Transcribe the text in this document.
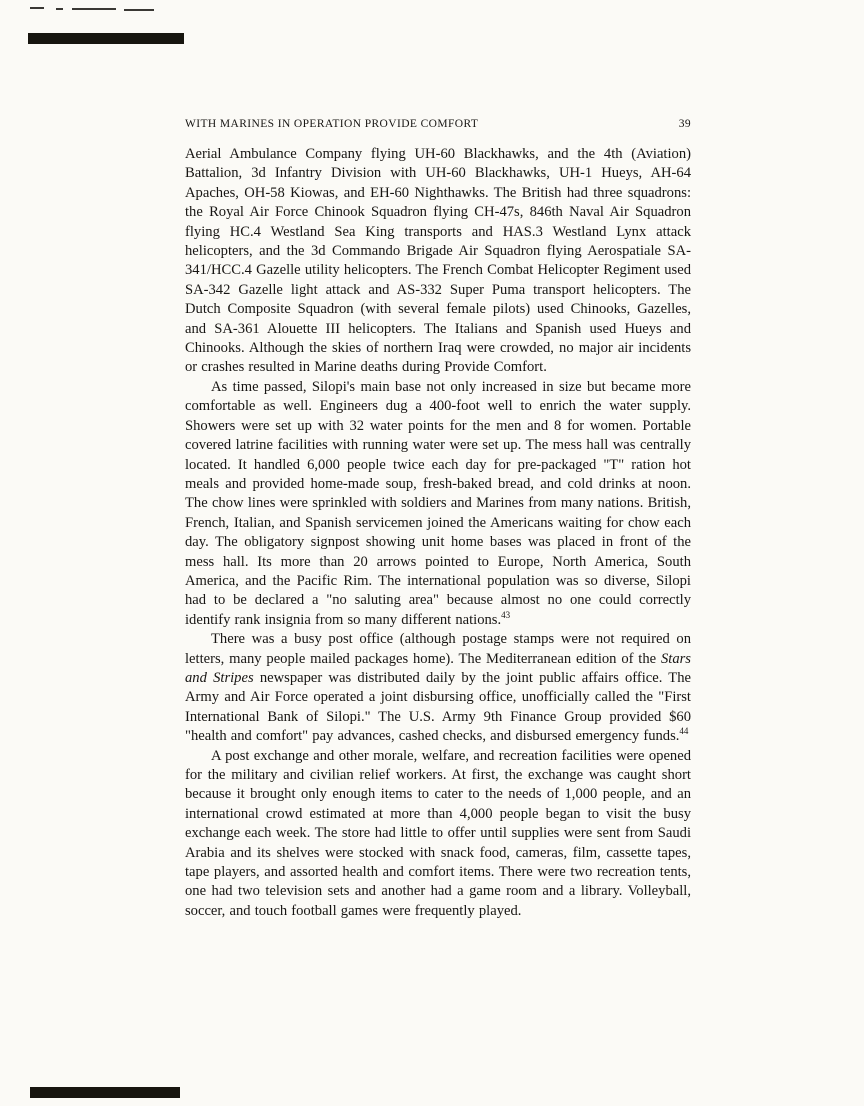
WITH MARINES IN OPERATION PROVIDE COMFORT	39

Aerial Ambulance Company flying UH-60 Blackhawks, and the 4th (Aviation) Battalion, 3d Infantry Division with UH-60 Blackhawks, UH-1 Hueys, AH-64 Apaches, OH-58 Kiowas, and EH-60 Nighthawks. The British had three squadrons: the Royal Air Force Chinook Squadron flying CH-47s, 846th Naval Air Squadron flying HC.4 Westland Sea King transports and HAS.3 Westland Lynx attack helicopters, and the 3d Commando Brigade Air Squadron flying Aerospatiale SA-341/HCC.4 Gazelle utility helicopters. The French Combat Helicopter Regiment used SA-342 Gazelle light attack and AS-332 Super Puma transport helicopters. The Dutch Composite Squadron (with several female pilots) used Chinooks, Gazelles, and SA-361 Alouette III helicopters. The Italians and Spanish used Hueys and Chinooks. Although the skies of northern Iraq were crowded, no major air incidents or crashes resulted in Marine deaths during Provide Comfort.

As time passed, Silopi's main base not only increased in size but became more comfortable as well. Engineers dug a 400-foot well to enrich the water supply. Showers were set up with 32 water points for the men and 8 for women. Portable covered latrine facilities with running water were set up. The mess hall was centrally located. It handled 6,000 people twice each day for pre-packaged "T" ration hot meals and provided home-made soup, fresh-baked bread, and cold drinks at noon. The chow lines were sprinkled with soldiers and Marines from many nations. British, French, Italian, and Spanish servicemen joined the Americans waiting for chow each day. The obligatory signpost showing unit home bases was placed in front of the mess hall. Its more than 20 arrows pointed to Europe, North America, South America, and the Pacific Rim. The international population was so diverse, Silopi had to be declared a "no saluting area" because almost no one could correctly identify rank insignia from so many different nations.$^{43}$

There was a busy post office (although postage stamps were not required on letters, many people mailed packages home). The Mediterranean edition of the Stars and Stripes newspaper was distributed daily by the joint public affairs office. The Army and Air Force operated a joint disbursing office, unofficially called the "First International Bank of Silopi." The U.S. Army 9th Finance Group provided $60 "health and comfort" pay advances, cashed checks, and disbursed emergency funds.$^{44}$

A post exchange and other morale, welfare, and recreation facilities were opened for the military and civilian relief workers. At first, the exchange was caught short because it brought only enough items to cater to the needs of 1,000 people, and an international crowd estimated at more than 4,000 people began to visit the busy exchange each week. The store had little to offer until supplies were sent from Saudi Arabia and its shelves were stocked with snack food, cameras, film, cassette tapes, tape players, and assorted health and comfort items. There were two recreation tents, one had two television sets and another had a game room and a library. Volleyball, soccer, and touch football games were frequently played.
